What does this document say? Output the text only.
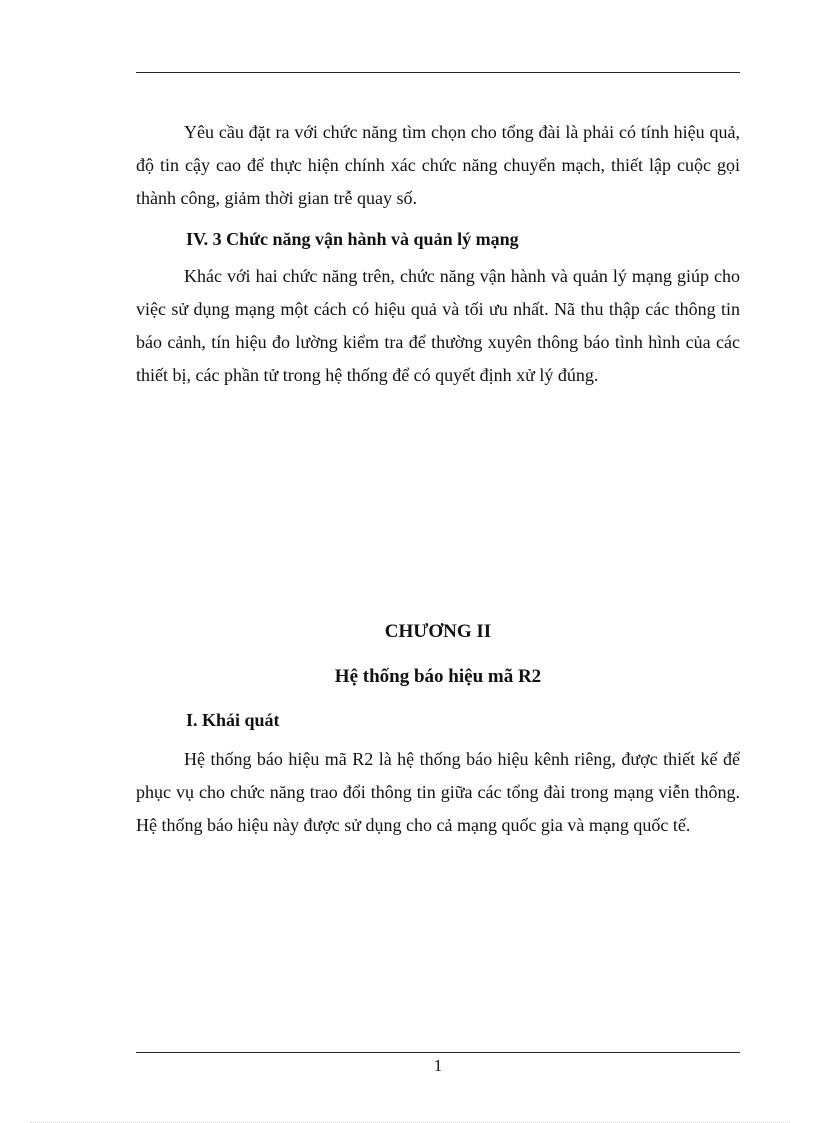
Yêu cầu đặt ra với chức năng tìm chọn cho tổng đài là phải có tính hiệu quả, độ tin cậy cao để thực hiện chính xác chức năng chuyển mạch, thiết lập cuộc gọi thành công, giảm thời gian trễ quay số.

IV. 3 Chức năng vận hành và quản lý mạng

Khác với hai chức năng trên, chức năng vận hành và quản lý mạng giúp cho việc sử dụng mạng một cách có hiệu quả và tối ưu nhất. Nã thu thập các thông tin báo cảnh, tín hiệu đo lường kiểm tra để thường xuyên thông báo tình hình của các thiết bị, các phần tử trong hệ thống để có quyết định xử lý đúng.

CHƯƠNG II
Hệ thống báo hiệu mã R2
I. Khái quát

Hệ thống báo hiệu mã R2 là hệ thống báo hiệu kênh riêng, được thiết kế để phục vụ cho chức năng trao đổi thông tin giữa các tổng đài trong mạng viễn thông. Hệ thống báo hiệu này được sử dụng cho cả mạng quốc gia và mạng quốc tế.

1
